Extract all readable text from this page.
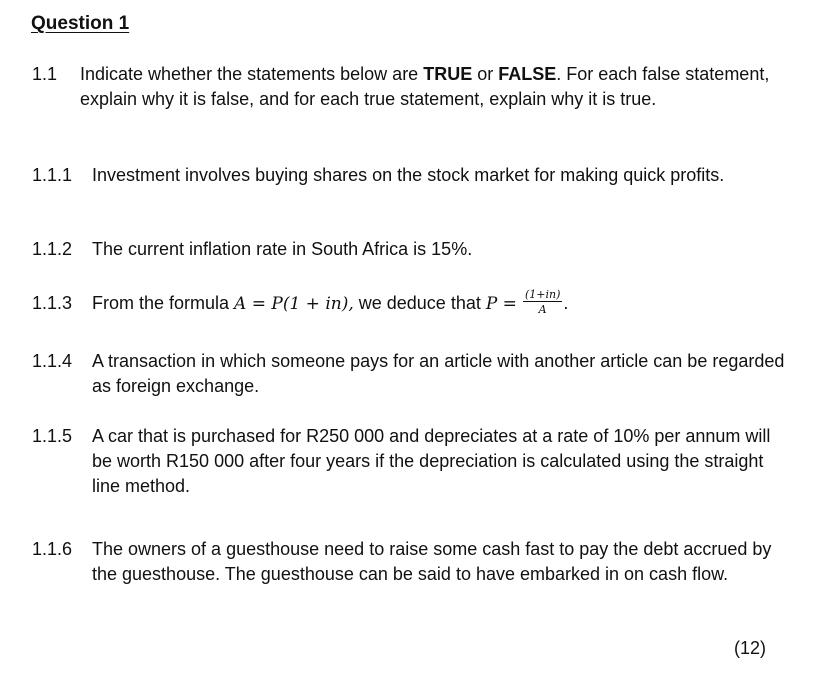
Question 1
1.1 Indicate whether the statements below are TRUE or FALSE. For each false statement, explain why it is false, and for each true statement, explain why it is true.
1.1.1 Investment involves buying shares on the stock market for making quick profits.
1.1.2 The current inflation rate in South Africa is 15%.
1.1.3 From the formula A = P(1 + in), we deduce that $P = \frac{(1+in)}{A}$ .
1.1.4 A transaction in which someone pays for an article with another article can be regarded as foreign exchange.
1.1.5 A car that is purchased for R250 000 and depreciates at a rate of 10% per annum will be worth R150 000 after four years if the depreciation is calculated using the straight line method.
1.1.6 The owners of a guesthouse need to raise some cash fast to pay the debt accrued by the guesthouse. The guesthouse can be said to have embarked in on cash flow.
(12)
